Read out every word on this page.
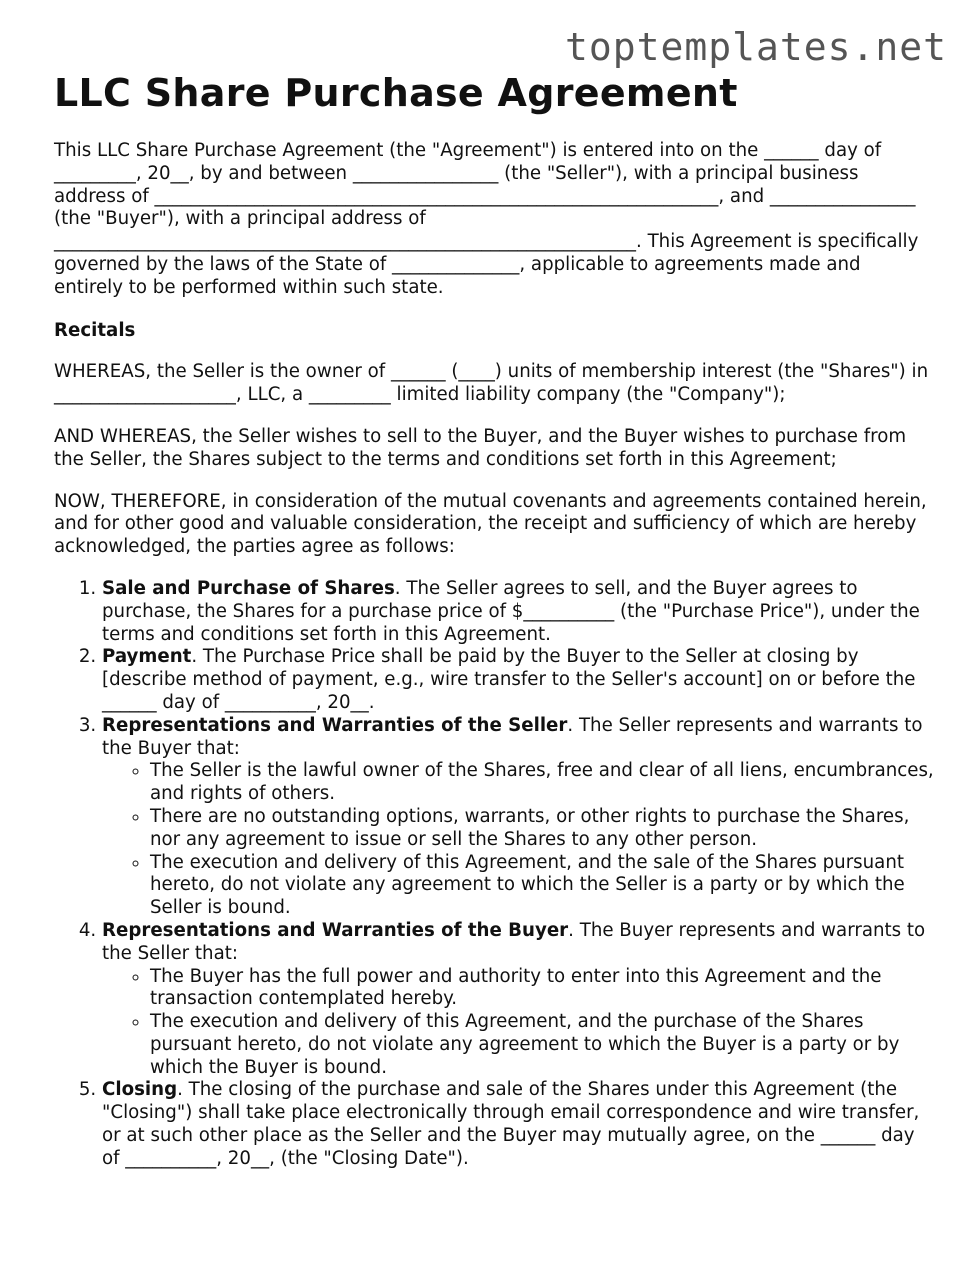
toptemplates.net
LLC Share Purchase Agreement

This LLC Share Purchase Agreement (the "Agreement") is entered into on the ______ day of _________, 20__, by and between ________________ (the "Seller"), with a principal business address of ______________________________________________________________, and ________________ (the "Buyer"), with a principal address of ________________________________________________________________. This Agreement is specifically governed by the laws of the State of ______________, applicable to agreements made and entirely to be performed within such state.

Recitals

WHEREAS, the Seller is the owner of ______ (____) units of membership interest (the "Shares") in ____________________, LLC, a _________ limited liability company (the "Company");

AND WHEREAS, the Seller wishes to sell to the Buyer, and the Buyer wishes to purchase from the Seller, the Shares subject to the terms and conditions set forth in this Agreement;

NOW, THEREFORE, in consideration of the mutual covenants and agreements contained herein, and for other good and valuable consideration, the receipt and sufficiency of which are hereby acknowledged, the parties agree as follows:

1. Sale and Purchase of Shares. The Seller agrees to sell, and the Buyer agrees to purchase, the Shares for a purchase price of $__________ (the "Purchase Price"), under the terms and conditions set forth in this Agreement.
2. Payment. The Purchase Price shall be paid by the Buyer to the Seller at closing by [describe method of payment, e.g., wire transfer to the Seller's account] on or before the ______ day of __________, 20__.
3. Representations and Warranties of the Seller. The Seller represents and warrants to the Buyer that:
◦ The Seller is the lawful owner of the Shares, free and clear of all liens, encumbrances, and rights of others.
◦ There are no outstanding options, warrants, or other rights to purchase the Shares, nor any agreement to issue or sell the Shares to any other person.
◦ The execution and delivery of this Agreement, and the sale of the Shares pursuant hereto, do not violate any agreement to which the Seller is a party or by which the Seller is bound.
4. Representations and Warranties of the Buyer. The Buyer represents and warrants to the Seller that:
◦ The Buyer has the full power and authority to enter into this Agreement and the transaction contemplated hereby.
◦ The execution and delivery of this Agreement, and the purchase of the Shares pursuant hereto, do not violate any agreement to which the Buyer is a party or by which the Buyer is bound.
5. Closing. The closing of the purchase and sale of the Shares under this Agreement (the "Closing") shall take place electronically through email correspondence and wire transfer, or at such other place as the Seller and the Buyer may mutually agree, on the ______ day of __________, 20__, (the "Closing Date").
